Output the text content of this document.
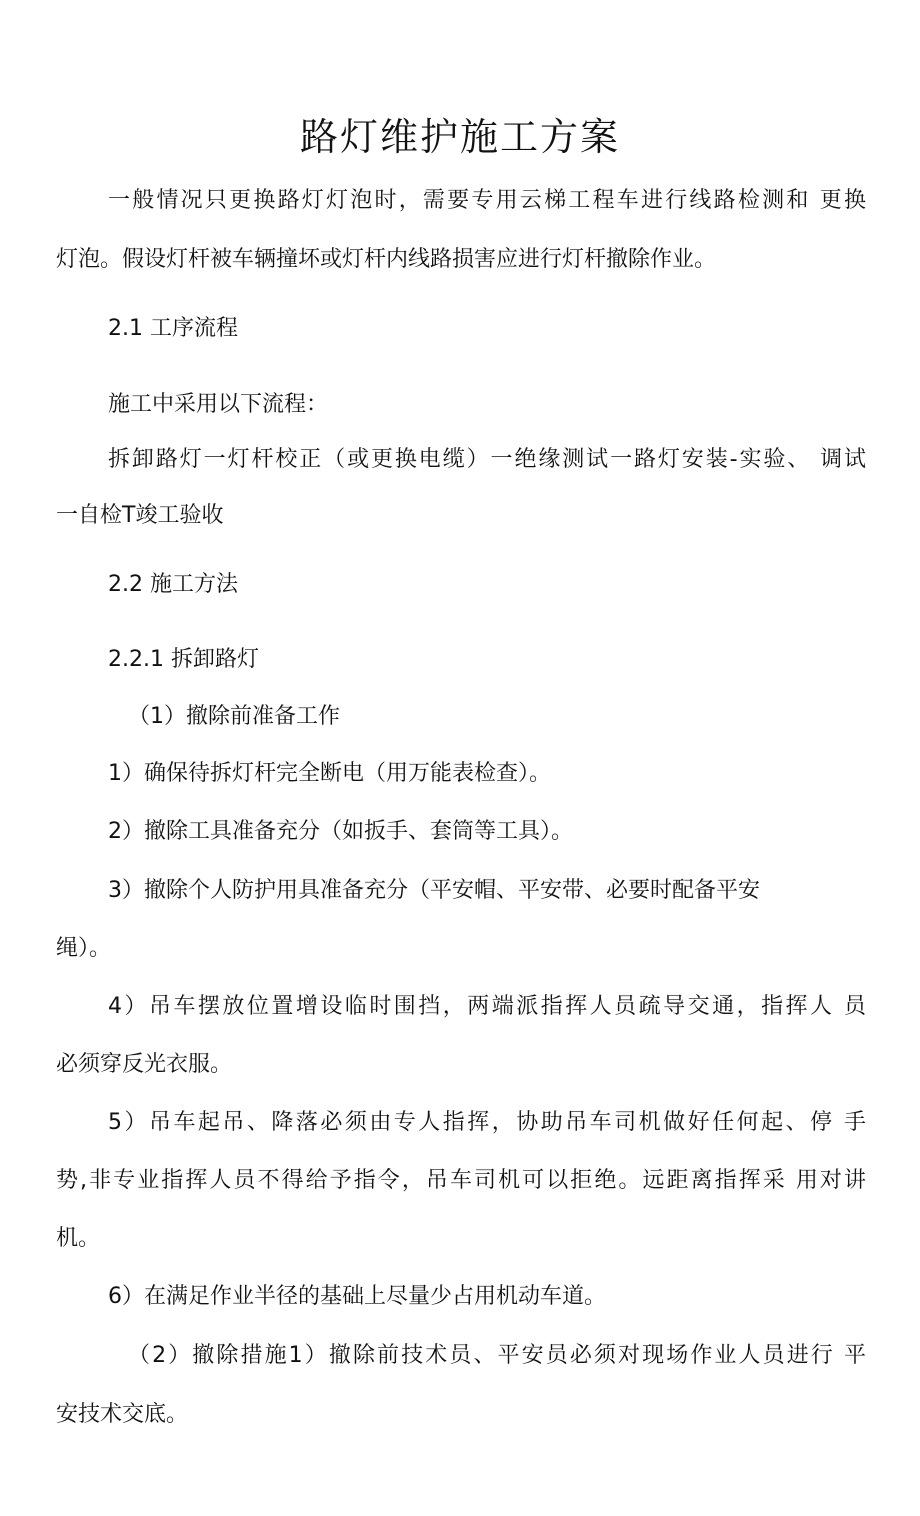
路灯维护施工方案
一般情况只更换路灯灯泡时，需要专用云梯工程车进行线路检测和 更换
灯泡。假设灯杆被车辆撞坏或灯杆内线路损害应进行灯杆撤除作业。
2.1 工序流程
施工中采用以下流程：
拆卸路灯一灯杆校正（或更换电缆）一绝缘测试一路灯安装-实验、 调试
一自检T竣工验收
2.2 施工方法
2.2.1 拆卸路灯
（1）撤除前准备工作
1）确保待拆灯杆完全断电（用万能表检查）。
2）撤除工具准备充分（如扳手、套筒等工具）。
3）撤除个人防护用具准备充分（平安帽、平安带、必要时配备平安
绳）。
4）吊车摆放位置增设临时围挡，两端派指挥人员疏导交通，指挥人 员
必须穿反光衣服。
5）吊车起吊、降落必须由专人指挥，协助吊车司机做好任何起、停 手
势,非专业指挥人员不得给予指令，吊车司机可以拒绝。远距离指挥采 用对讲
机。
6）在满足作业半径的基础上尽量少占用机动车道。
（2）撤除措施1）撤除前技术员、平安员必须对现场作业人员进行 平
安技术交底。
